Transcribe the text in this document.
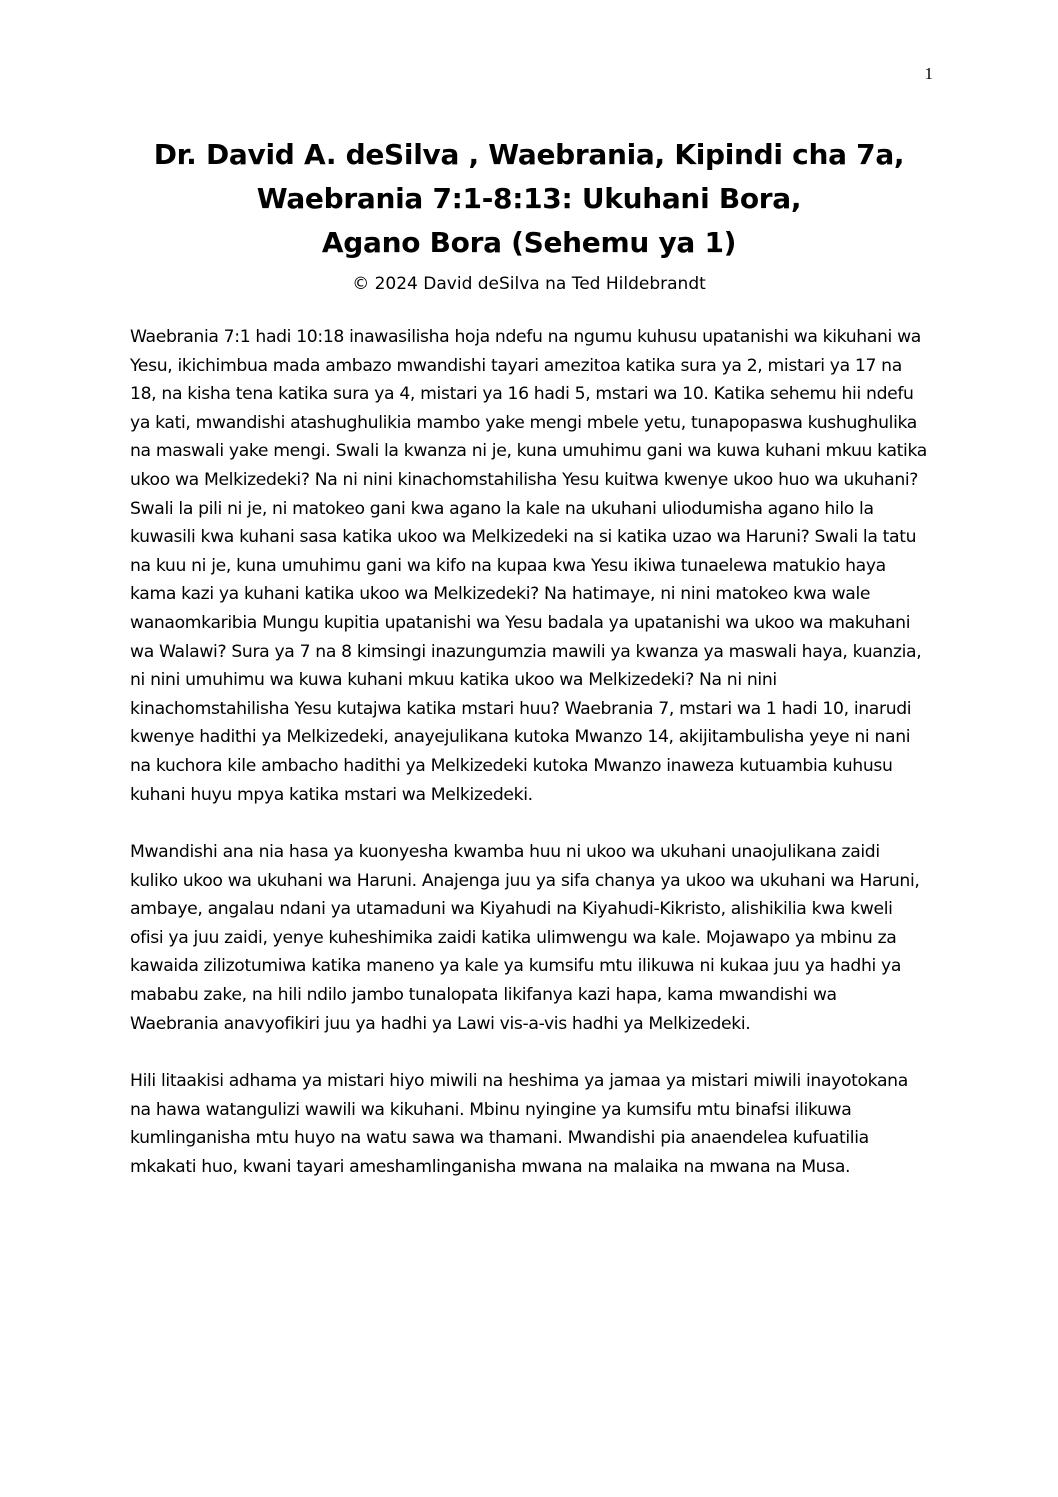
1
Dr. David A. deSilva , Waebrania, Kipindi cha 7a,
Waebrania 7:1-8:13: Ukuhani Bora,
Agano Bora (Sehemu ya 1)
© 2024 David deSilva na Ted Hildebrandt

Waebrania 7:1 hadi 10:18 inawasilisha hoja ndefu na ngumu kuhusu upatanishi wa kikuhani wa Yesu, ikichimbua mada ambazo mwandishi tayari amezitoa katika sura ya 2, mistari ya 17 na 18, na kisha tena katika sura ya 4, mistari ya 16 hadi 5, mstari wa 10. Katika sehemu hii ndefu ya kati, mwandishi atashughulikia mambo yake mengi mbele yetu, tunapopaswa kushughulika na maswali yake mengi. Swali la kwanza ni je, kuna umuhimu gani wa kuwa kuhani mkuu katika ukoo wa Melkizedeki? Na ni nini kinachomstahilisha Yesu kuitwa kwenye ukoo huo wa ukuhani? Swali la pili ni je, ni matokeo gani kwa agano la kale na ukuhani uliodumisha agano hilo la kuwasili kwa kuhani sasa katika ukoo wa Melkizedeki na si katika uzao wa Haruni? Swali la tatu na kuu ni je, kuna umuhimu gani wa kifo na kupaa kwa Yesu ikiwa tunaelewa matukio haya kama kazi ya kuhani katika ukoo wa Melkizedeki? Na hatimaye, ni nini matokeo kwa wale wanaomkaribia Mungu kupitia upatanishi wa Yesu badala ya upatanishi wa ukoo wa makuhani wa Walawi? Sura ya 7 na 8 kimsingi inazungumzia mawili ya kwanza ya maswali haya, kuanzia, ni nini umuhimu wa kuwa kuhani mkuu katika ukoo wa Melkizedeki? Na ni nini kinachomstahilisha Yesu kutajwa katika mstari huu? Waebrania 7, mstari wa 1 hadi 10, inarudi kwenye hadithi ya Melkizedeki, anayejulikana kutoka Mwanzo 14, akijitambulisha yeye ni nani na kuchora kile ambacho hadithi ya Melkizedeki kutoka Mwanzo inaweza kutuambia kuhusu kuhani huyu mpya katika mstari wa Melkizedeki.

Mwandishi ana nia hasa ya kuonyesha kwamba huu ni ukoo wa ukuhani unaojulikana zaidi kuliko ukoo wa ukuhani wa Haruni. Anajenga juu ya sifa chanya ya ukoo wa ukuhani wa Haruni, ambaye, angalau ndani ya utamaduni wa Kiyahudi na Kiyahudi-Kikristo, alishikilia kwa kweli ofisi ya juu zaidi, yenye kuheshimika zaidi katika ulimwengu wa kale. Mojawapo ya mbinu za kawaida zilizotumiwa katika maneno ya kale ya kumsifu mtu ilikuwa ni kukaa juu ya hadhi ya mababu zake, na hili ndilo jambo tunalopata likifanya kazi hapa, kama mwandishi wa Waebrania anavyofikiri juu ya hadhi ya Lawi vis-a-vis hadhi ya Melkizedeki.

Hili litaakisi adhama ya mistari hiyo miwili na heshima ya jamaa ya mistari miwili inayotokana na hawa watangulizi wawili wa kikuhani. Mbinu nyingine ya kumsifu mtu binafsi ilikuwa kumlinganisha mtu huyo na watu sawa wa thamani. Mwandishi pia anaendelea kufuatilia mkakati huo, kwani tayari ameshamlinganisha mwana na malaika na mwana na Musa.
